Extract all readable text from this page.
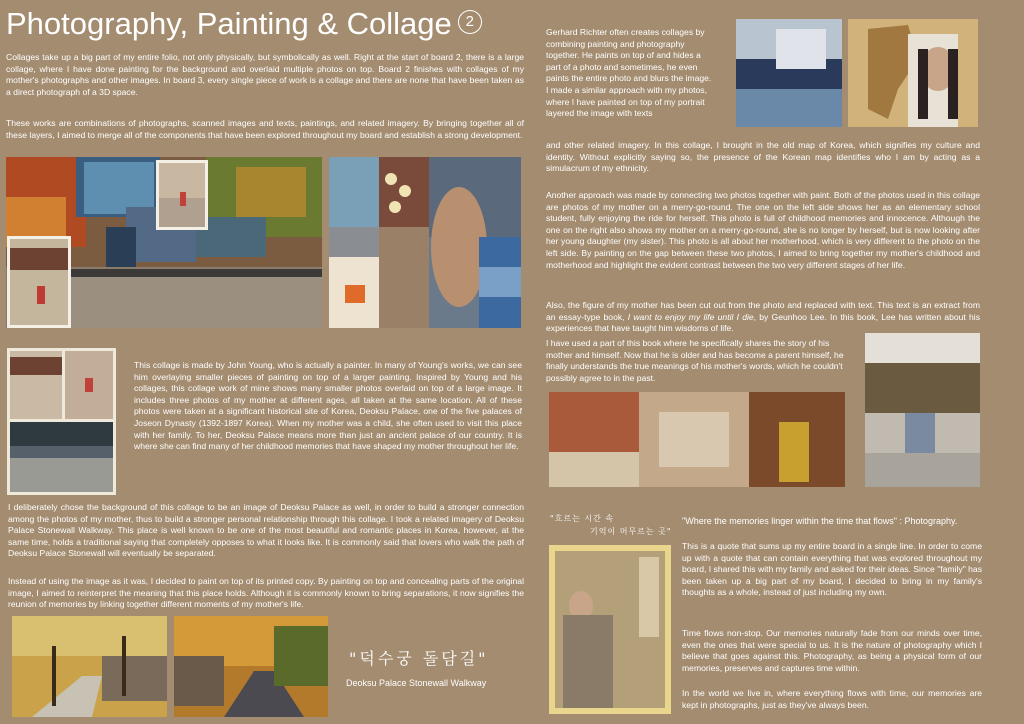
Photography, Painting & Collage 2

Collages take up a big part of my entire folio, not only physically, but symbolically as well. Right at the start of board 2, there is a large collage, where I have done painting for the background and overlaid multiple photos on top. Board 2 finishes with collages of my mother's photographs and other images. In board 3, every single piece of work is a collage and there are none that have been taken as a direct photograph of a 3D space.

These works are combinations of photographs, scanned images and texts, paintings, and related imagery. By bringing together all of these layers, I aimed to merge all of the components that have been explored throughout my board and establish a strong development.

This collage is made by John Young, who is actually a painter. In many of Young's works, we can see him overlaying smaller pieces of painting on top of a larger painting. Inspired by Young and his collages, this collage work of mine shows many smaller photos overlaid on top of a large image. It includes three photos of my mother at different ages, all taken at the same location. All of these photos were taken at a significant historical site of Korea, Deoksu Palace, one of the five palaces of Joseon Dynasty (1392-1897 Korea). When my mother was a child, she often used to visit this place with her family. To her, Deoksu Palace means more than just an ancient palace of our country. It is where she can find many of her childhood memories that have shaped my mother throughout her life.

I deliberately chose the background of this collage to be an image of Deoksu Palace as well, in order to build a stronger connection among the photos of my mother, thus to build a stronger personal relationship through this collage. I took a related imagery of Deoksu Palace Stonewall Walkway. This place is well known to be one of the most beautiful and romantic places in Korea, however, at the same time, holds a traditional saying that completely opposes to what it looks like. It is commonly said that lovers who walk the path of Deoksu Palace Stonewall will eventually be separated.

Instead of using the image as it was, I decided to paint on top of its printed copy. By painting on top and concealing parts of the original image, I aimed to reinterpret the meaning that this place holds. Although it is commonly known to bring separations, it now signifies the reunion of memories by linking together different moments of my mother's life.

"덕수궁 돌담길"
Deoksu Palace Stonewall Walkway

Gerhard Richter often creates collages by combining painting and photography together. He paints on top of and hides a part of a photo and sometimes, he even paints the entire photo and blurs the image. I made a similar approach with my photos, where I have painted on top of my portrait layered the image with texts

and other related imagery. In this collage, I brought in the old map of Korea, which signifies my culture and identity. Without explicitly saying so, the presence of the Korean map identifies who I am by acting as a simulacrum of my ethnicity.

Another approach was made by connecting two photos together with paint. Both of the photos used in this collage are photos of my mother on a merry-go-round. The one on the left side shows her as an elementary school student, fully enjoying the ride for herself. This photo is full of childhood memories and innocence. Although the one on the right also shows my mother on a merry-go-round, she is no longer by herself, but is now looking after her young daughter (my sister). This photo is all about her motherhood, which is very different to the photo on the left side. By painting on the gap between these two photos, I aimed to bring together my mother's childhood and motherhood and highlight the evident contrast between the two very different stages of her life.

Also, the figure of my mother has been cut out from the photo and replaced with text. This text is an extract from an essay-type book, I want to enjoy my life until I die, by Geunhoo Lee. In this book, Lee has written about his experiences that have taught him wisdoms of life.

I have used a part of this book where he specifically shares the story of his mother and himself. Now that he is older and has become a parent himself, he finally understands the true meanings of his mother's words, which he couldn't possibly agree to in the past.

"흐르는 시간 속
기억이 머무르는 곳"
"Where the memories linger within the time that flows" : Photography.

This is a quote that sums up my entire board in a single line. In order to come up with a quote that can contain everything that was explored throughout my board, I shared this with my family and asked for their ideas. Since "family" has been taken up a big part of my board, I decided to bring in my family's thoughts as a whole, instead of just including my own.

Time flows non-stop. Our memories naturally fade from our minds over time, even the ones that were special to us. It is the nature of photography which I believe that goes against this. Photography, as being a physical form of our memories, preserves and captures time within.

In the world we live in, where everything flows with time, our memories are kept in photographs, just as they've always been.
